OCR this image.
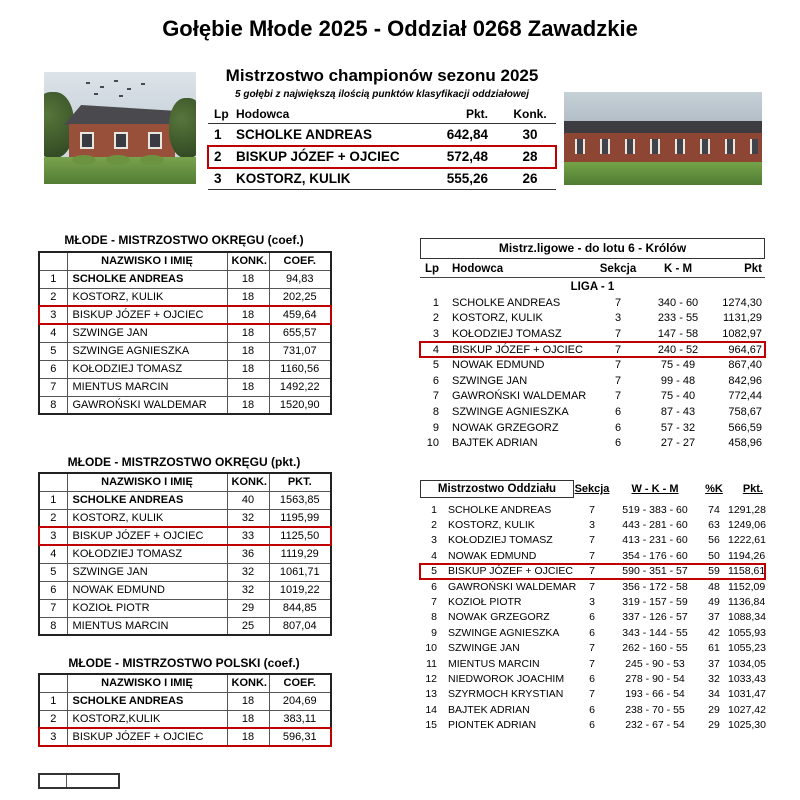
Gołębie Młode 2025 - Oddział 0268 Zawadzkie
Mistrzostwo championów sezonu 2025
5 gołębi z największą ilością punktów klasyfikacji oddziałowej
Lp Hodowca	Pkt.	Konk.
1	SCHOLKE ANDREAS	642,84	30
2	BISKUP JÓZEF + OJCIEC	572,48	28
3	KOSTORZ, KULIK	555,26	26
MŁODE - MISTRZOSTWO OKRĘGU (coef.)
	NAZWISKO I IMIĘ	KONK.	COEF.
1	SCHOLKE ANDREAS	18	94,83
2	KOSTORZ, KULIK	18	202,25
3	BISKUP JÓZEF + OJCIEC	18	459,64
4	SZWINGE JAN	18	655,57
5	SZWINGE AGNIESZKA	18	731,07
6	KOŁODZIEJ TOMASZ	18	1160,56
7	MIENTUS MARCIN	18	1492,22
8	GAWROŃSKI WALDEMAR	18	1520,90
MŁODE - MISTRZOSTWO OKRĘGU (pkt.)
	NAZWISKO I IMIĘ	KONK.	PKT.
1	SCHOLKE ANDREAS	40	1563,85
2	KOSTORZ, KULIK	32	1195,99
3	BISKUP JÓZEF + OJCIEC	33	1125,50
4	KOŁODZIEJ TOMASZ	36	1119,29
5	SZWINGE JAN	32	1061,71
6	NOWAK EDMUND	32	1019,22
7	KOZIOŁ PIOTR	29	844,85
8	MIENTUS MARCIN	25	807,04
MŁODE - MISTRZOSTWO POLSKI (coef.)
	NAZWISKO I IMIĘ	KONK.	COEF.
1	SCHOLKE ANDREAS	18	204,69
2	KOSTORZ,KULIK	18	383,11
3	BISKUP JÓZEF + OJCIEC	18	596,31
Mistrz.ligowe - do lotu 6 - Królów
Lp	Hodowca	Sekcja	K - M	Pkt
LIGA - 1
1	SCHOLKE ANDREAS	7	340 - 60	1274,30
2	KOSTORZ, KULIK	3	233 - 55	1131,29
3	KOŁODZIEJ TOMASZ	7	147 - 58	1082,97
4	BISKUP JÓZEF + OJCIEC	7	240 - 52	964,67
5	NOWAK EDMUND	7	75 - 49	867,40
6	SZWINGE JAN	7	99 - 48	842,96
7	GAWROŃSKI WALDEMAR	7	75 - 40	772,44
8	SZWINGE AGNIESZKA	6	87 - 43	758,67
9	NOWAK GRZEGORZ	6	57 - 32	566,59
10	BAJTEK ADRIAN	6	27 - 27	458,96
Mistrzostwo Oddziału	Sekcja	W - K - M	%K	Pkt.
1	SCHOLKE ANDREAS	7	519 - 383 - 60	74 1291,28
2	KOSTORZ, KULIK	3	443 - 281 - 60	63 1249,06
3	KOŁODZIEJ TOMASZ	7	413 - 231 - 60	56 1222,61
4	NOWAK EDMUND	7	354 - 176 - 60	50 1194,26
5	BISKUP JÓZEF + OJCIEC	7	590 - 351 - 57	59 1158,61
6	GAWROŃSKI WALDEMAR	7	356 - 172 - 58	48 1152,09
7	KOZIOŁ PIOTR	3	319 - 157 - 59	49 1136,84
8	NOWAK GRZEGORZ	6	337 - 126 - 57	37 1088,34
9	SZWINGE AGNIESZKA	6	343 - 144 - 55	42 1055,93
10	SZWINGE JAN	7	262 - 160 - 55	61 1055,23
11	MIENTUS MARCIN	7	245 - 90 - 53	37 1034,05
12	NIEDWOROK JOACHIM	6	278 - 90 - 54	32 1033,43
13	SZYRMOCH KRYSTIAN	7	193 - 66 - 54	34 1031,47
14	BAJTEK ADRIAN	6	238 - 70 - 55	29 1027,42
15	PIONTEK ADRIAN	6	232 - 67 - 54	29 1025,30
